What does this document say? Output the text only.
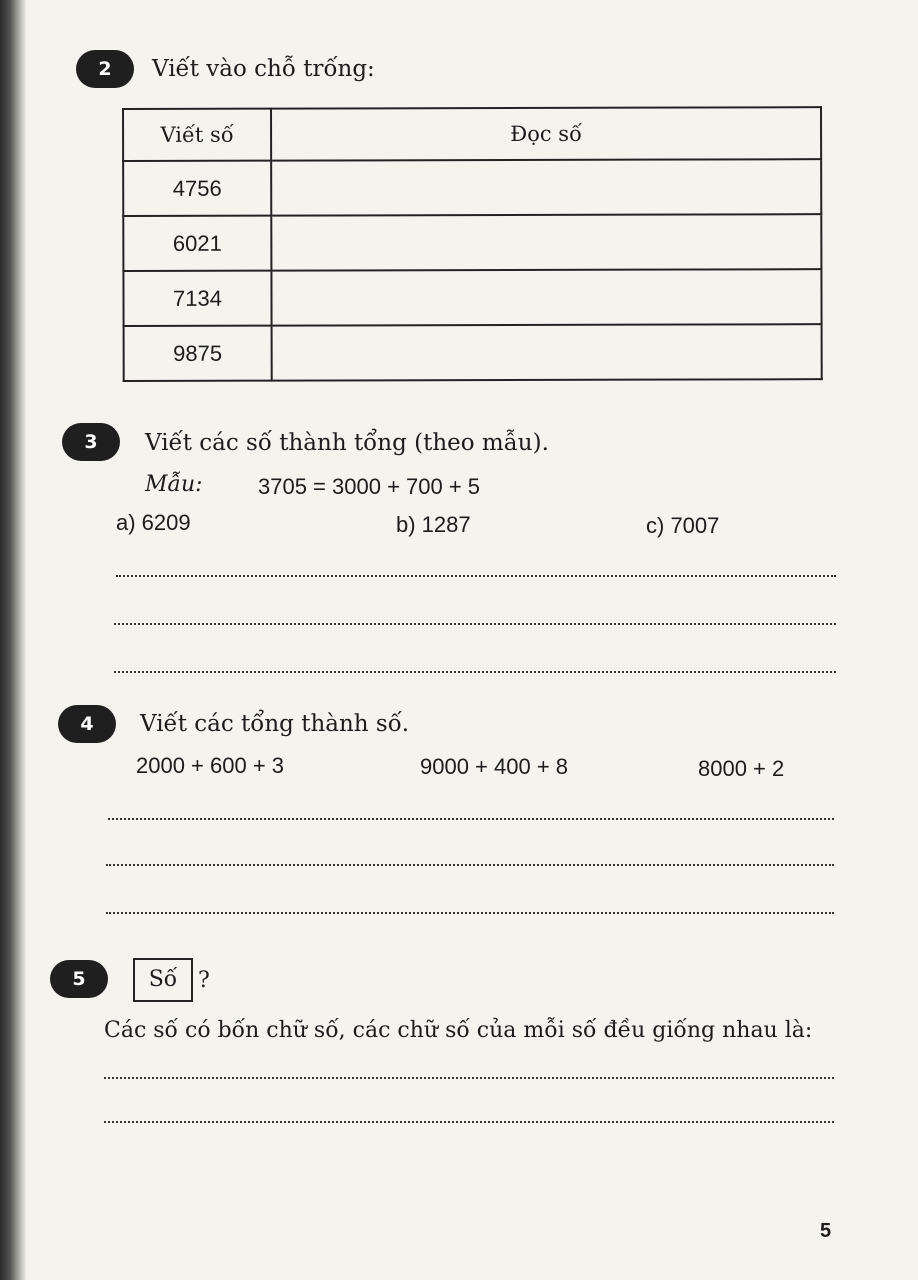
2	Viết vào chỗ trống:
Viết số	Đọc số
4756	
6021	
7134	
9875	
3	Viết các số thành tổng (theo mẫu).
Mẫu:	3705 = 3000 + 700 + 5
a) 6209	b) 1287	c) 7007
4	Viết các tổng thành số.
2000 + 600 + 3	9000 + 400 + 8	8000 + 2
5	Số ?
Các số có bốn chữ số, các chữ số của mỗi số đều giống nhau là:
5
